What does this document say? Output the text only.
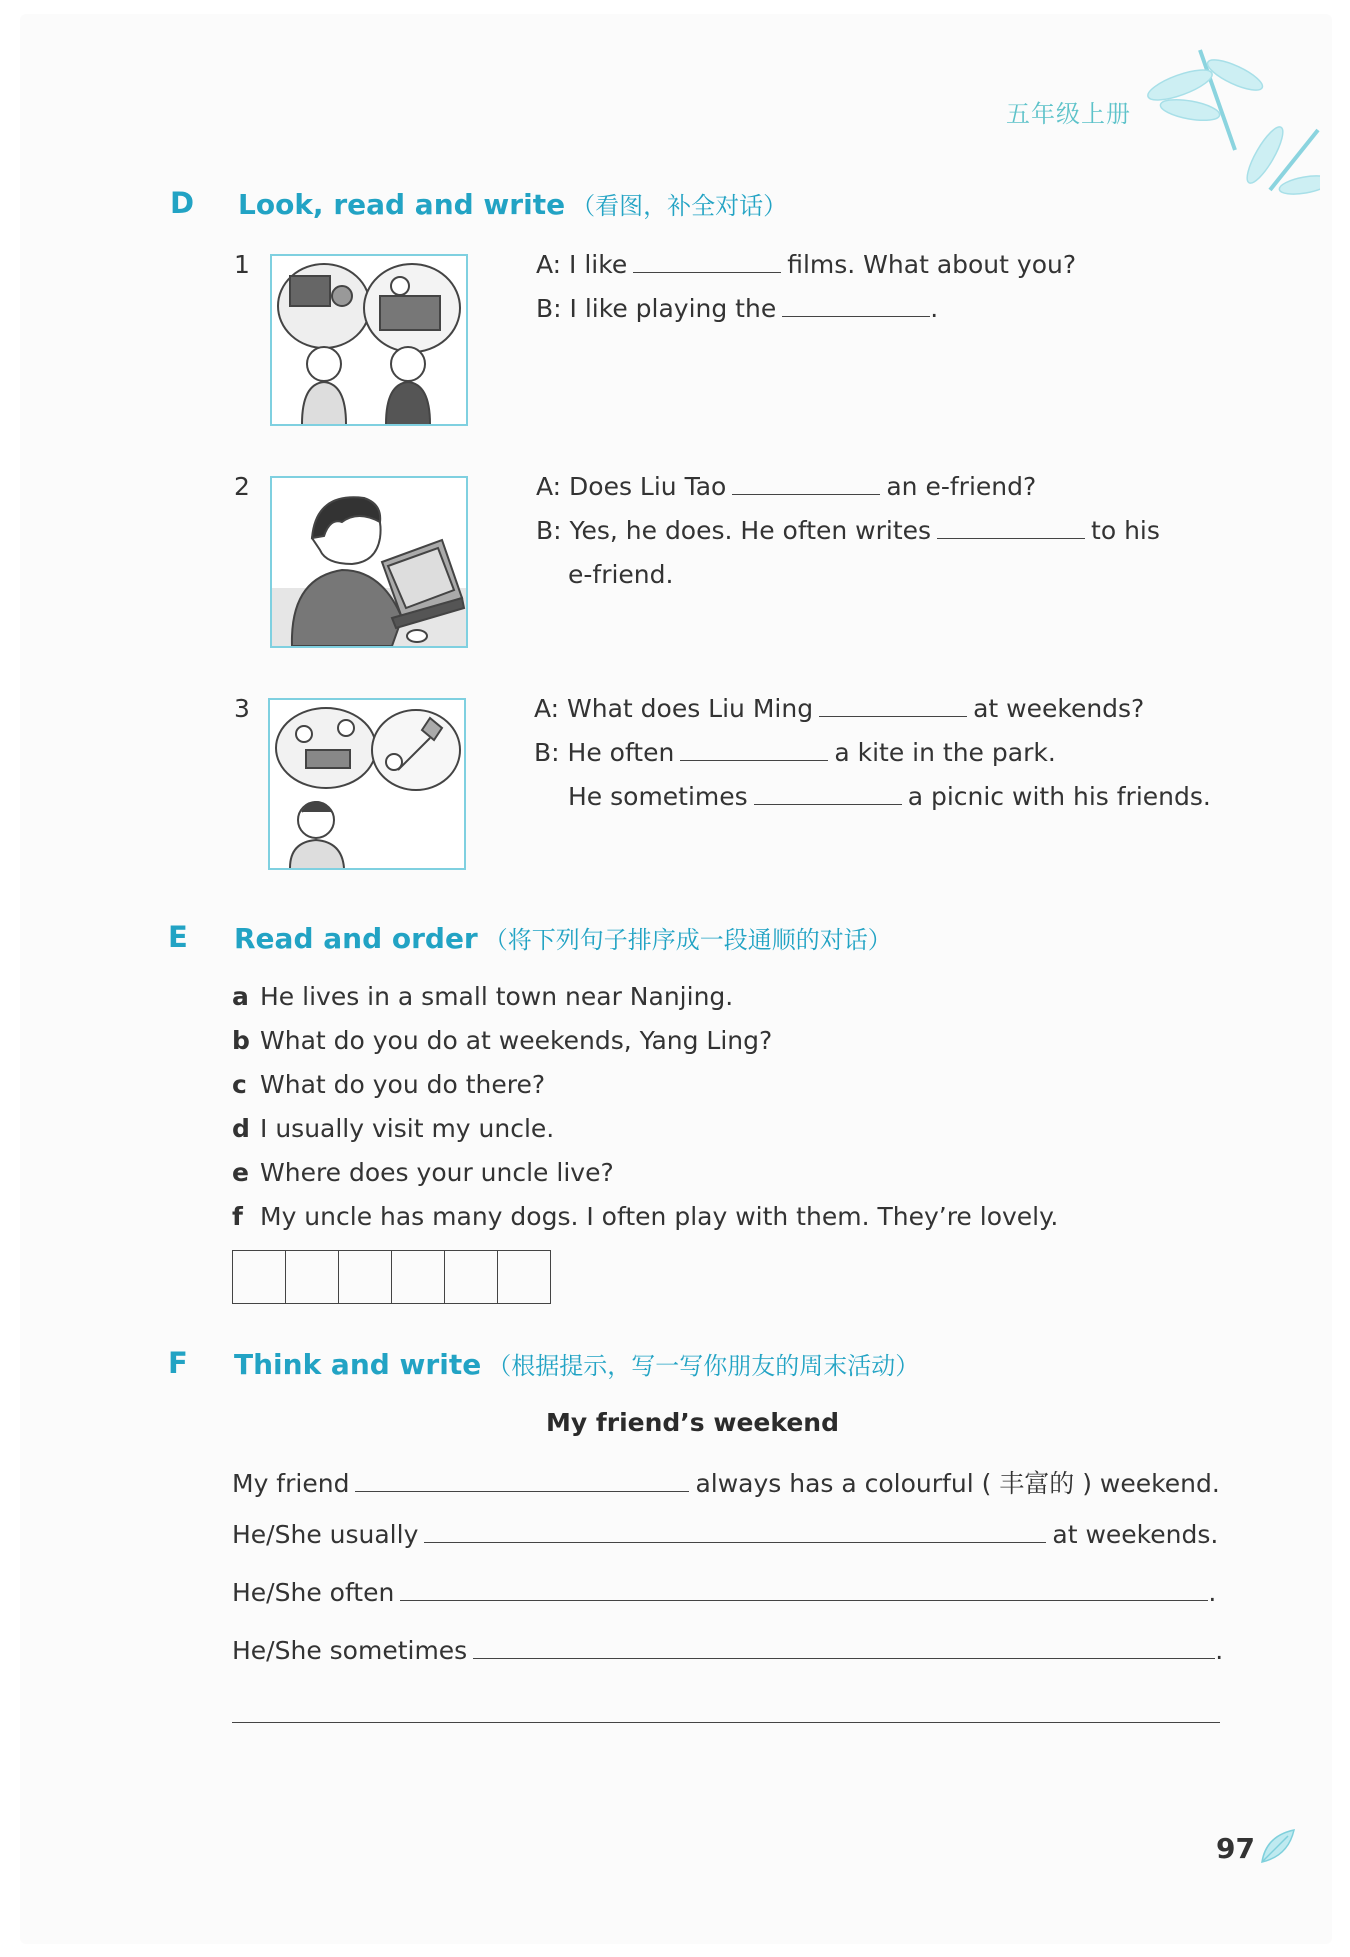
五年级上册
D Look, read and write （看图，补全对话）
1	A: I like	films. What about you?
B: I like playing the	.
2	A: Does Liu Tao	an e-friend?
B: Yes, he does. He often writes	to his
e-friend.
3	A: What does Liu Ming	at weekends?
B: He often	a kite in the park.
He sometimes	a picnic with his friends.
E Read and order （将下列句子排序成一段通顺的对话）
a He lives in a small town near Nanjing.
b What do you do at weekends, Yang Ling?
c What do you do there?
d I usually visit my uncle.
e Where does your uncle live?
f My uncle has many dogs. I often play with them. They’re lovely.
F Think and write （根据提示，写一写你朋友的周末活动）
My friend’s weekend
My friend	always has a colourful ( 丰富的 ) weekend.
He/She usually	at weekends.
He/She often	.
He/She sometimes	.
97
